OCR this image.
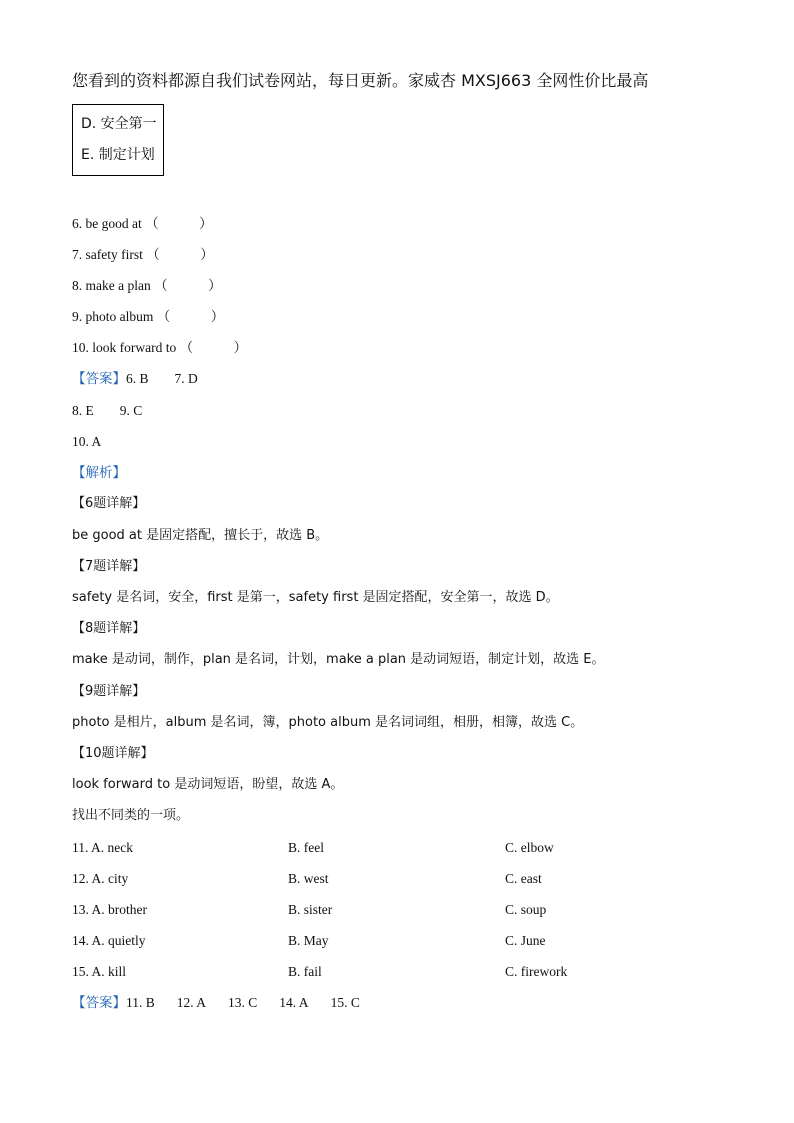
您看到的资料都源自我们试卷网站，每日更新。家威杏 MXSJ663 全网性价比最高
D. 安全第一
E. 制定计划
6. be good at （　　　）
7. safety first （　　　）
8. make a plan （　　　）
9. photo album （　　　）
10. look forward to （　　　）
【答案】6. B 7. D
8. E 9. C
10. A
【解析】
【6题详解】
be good at 是固定搭配，擅长于，故选 B。
【7题详解】
safety 是名词，安全，first 是第一，safety first 是固定搭配，安全第一，故选 D。
【8题详解】
make 是动词，制作，plan 是名词，计划，make a plan 是动词短语，制定计划，故选 E。
【9题详解】
photo 是相片，album 是名词，簿，photo album 是名词词组，相册，相簿，故选 C。
【10题详解】
look forward to 是动词短语，盼望，故选 A。
找出不同类的一项。
11. A. neck	B. feel	C. elbow
12. A. city	B. west	C. east
13. A. brother	B. sister	C. soup
14. A. quietly	B. May	C. June
15. A. kill	B. fail	C. firework
【答案】11. B 12. A 13. C 14. A 15. C
